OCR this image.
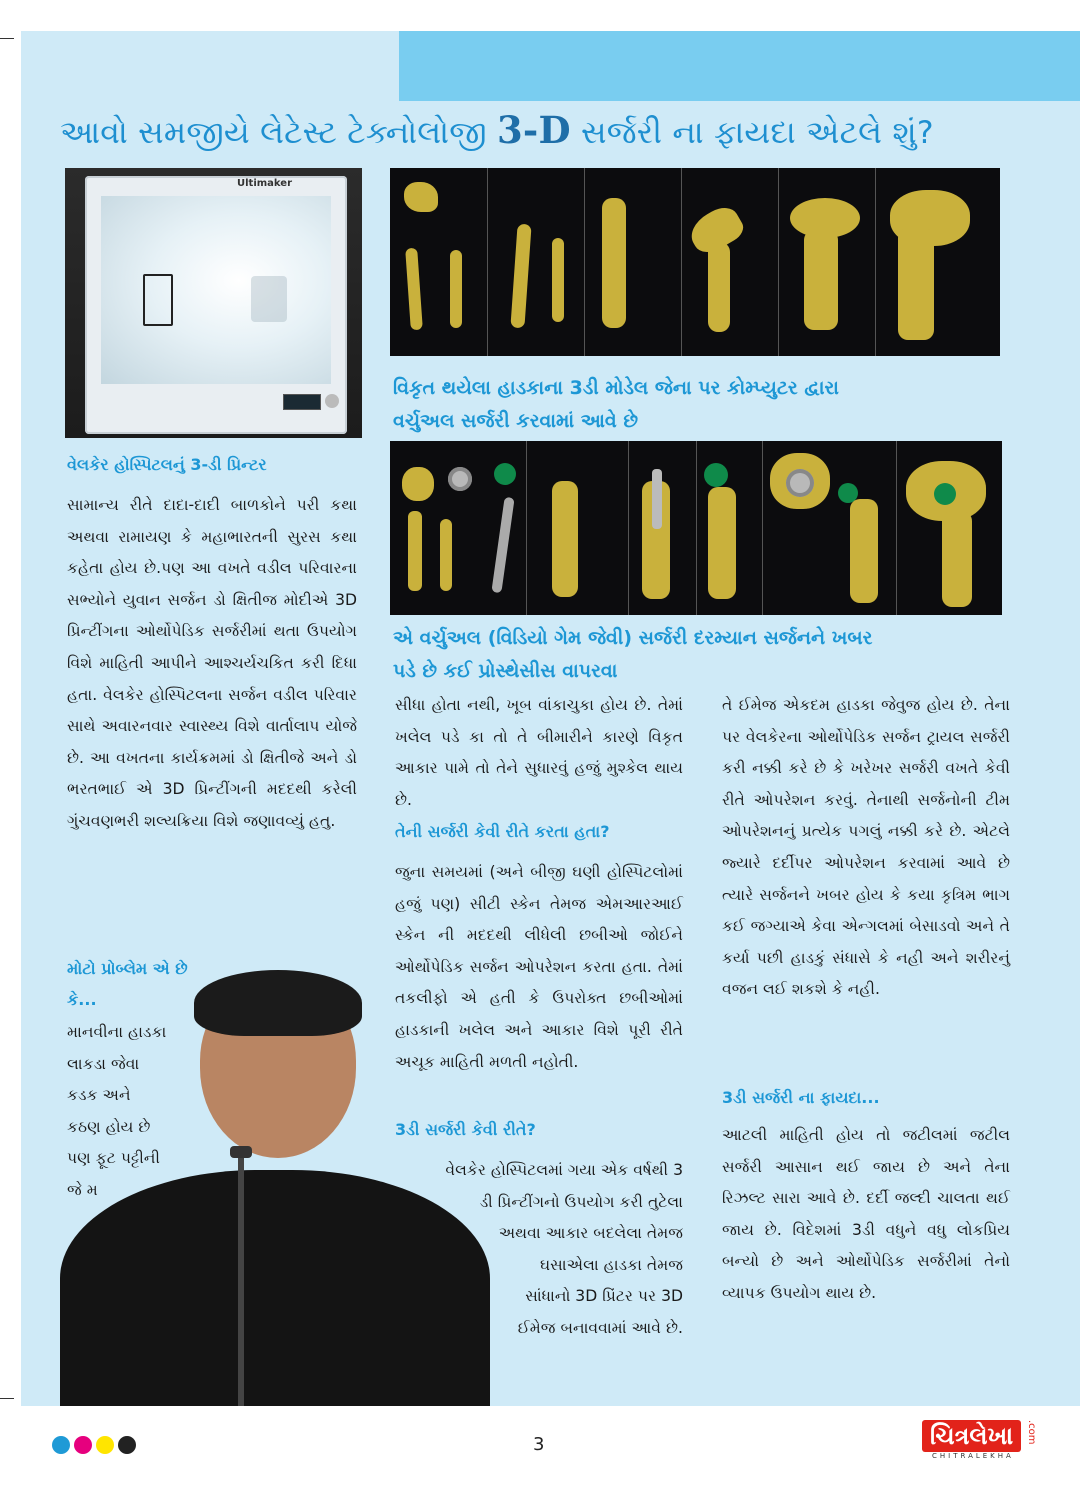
આવો સમજીયે લેટેસ્ટ ટેક્નોલોજી 3-D સર્જરી ના ફાયદા એટલે શું?
Ultimaker
વેલકેર હોસ્પિટલનું 3-ડી પ્રિન્ટર
વિકૃત થયેલા હાડકાના 3ડી મોડેલ જેના પર કોમ્પ્યુટર દ્વારા
વર્ચુઅલ સર્જરી કરવામાં આવે છે
એ વર્ચુઅલ (વિડિયો ગેમ જેવી) સર્જરી દરમ્યાન સર્જનને ખબર
પડે છે કઈ પ્રોસ્થેસીસ વાપરવા
સામાન્ય રીતે દાદા-દાદી બાળકોને પરી કથા અથવા રામાયણ કે મહાભારતની સુરસ કથા કહેતા હોય છે.પણ આ વખતે વડીલ પરિવારના સભ્યોને યુવાન સર્જન ડો ક્ષિતીજ મોદીએ 3D પ્રિન્ટીંગના ઓર્થોપેડિક સર્જરીમાં થતા ઉપયોગ વિશે માહિતી આપીને આશ્ચર્યચકિત કરી દિધા હતા. વેલકેર હોસ્પિટલના સર્જન વડીલ પરિવાર સાથે અવારનવાર સ્વાસ્થ્ય વિશે વાર્તાલાપ યોજે છે. આ વખતના કાર્યક્રમમાં ડો ક્ષિતીજે અને ડો ભરતભાઈ એ 3D પ્રિન્ટીંગની મદદથી કરેલી ગુંચવણભરી શલ્યક્રિયા વિશે જણાવવ્યું હતુ.
મોટો પ્રોબ્લેમ એ છે
કે...
માનવીના હાડકા
લાકડા જેવા
કડક અને
કઠણ હોય છે
પણ ફૂટ પટ્ટીની
જે મ
સીધા હોતા નથી, ખૂબ વાંકાચુકા હોય છે. તેમાં ખલેલ પડે કા તો તે બીમારીને કારણે વિકૃત આકાર પામે તો તેને સુધારવું હજું મુશ્કેલ થાય છે.
તેની સર્જરી કેવી રીતે કરતા હતા?
જુના સમયમાં (અને બીજી ઘણી હોસ્પિટલોમાં હજું પણ) સીટી સ્કેન તેમજ એમઆરઆઈ સ્કેન ની મદદથી લીધેલી છબીઓ જોઈને ઓર્થોપેડિક સર્જન ઓપરેશન કરતા હતા. તેમાં તકલીફો એ હતી કે ઉપરોક્ત છબીઓમાં હાડકાની ખલેલ અને આકાર વિશે પૂરી રીતે અચૂક માહિતી મળતી નહોતી.
3ડી સર્જરી કેવી રીતે?
વેલકેર હોસ્પિટલમાં ગયા એક વર્ષથી 3
ડી પ્રિન્ટીંગનો ઉપયોગ કરી તુટેલા
અથવા આકાર બદલેલા તેમજ
ઘસાએલા હાડકા તેમજ
સાંધાનો 3D પ્રિંટર પર 3D
ઈમેજ બનાવવામાં આવે છે.
તે ઈમેજ એકદમ હાડકા જેવુજ હોય છે. તેના પર વેલકેરના ઓર્થોપેડિક સર્જન ટ્રાયલ સર્જરી કરી નક્કી કરે છે કે ખરેખર સર્જરી વખતે કેવી રીતે ઓપરેશન કરવું. તેનાથી સર્જનોની ટીમ ઓપરેશનનું પ્રત્યેક પગલું નક્કી કરે છે. એટલે જ્યારે દર્દીપર ઓપરેશન કરવામાં આવે છે ત્યારે સર્જનને ખબર હોય કે કયા કૃત્રિમ ભાગ કઈ જગ્યાએ કેવા એન્ગલમાં બેસાડવો અને તે કર્યા પછી હાડકું સંધાસે કે નહી અને શરીરનું વજન લઈ શકશે કે નહી.
3ડી સર્જરી ના ફાયદા...
આટલી માહિતી હોય તો જટીલમાં જટીલ સર્જરી આસાન થઈ જાય છે અને તેના રિઝલ્ટ સારા આવે છે. દર્દી જલ્દી ચાલતા થઈ જાય છે. વિદેશમાં 3ડી વધુને વધુ લોકપ્રિય બન્યો છે અને ઓર્થોપેડિક સર્જરીમાં તેનો વ્યાપક ઉપયોગ થાય છે.
3	ચિત્રલેખા .com
CHITRALEKHA
